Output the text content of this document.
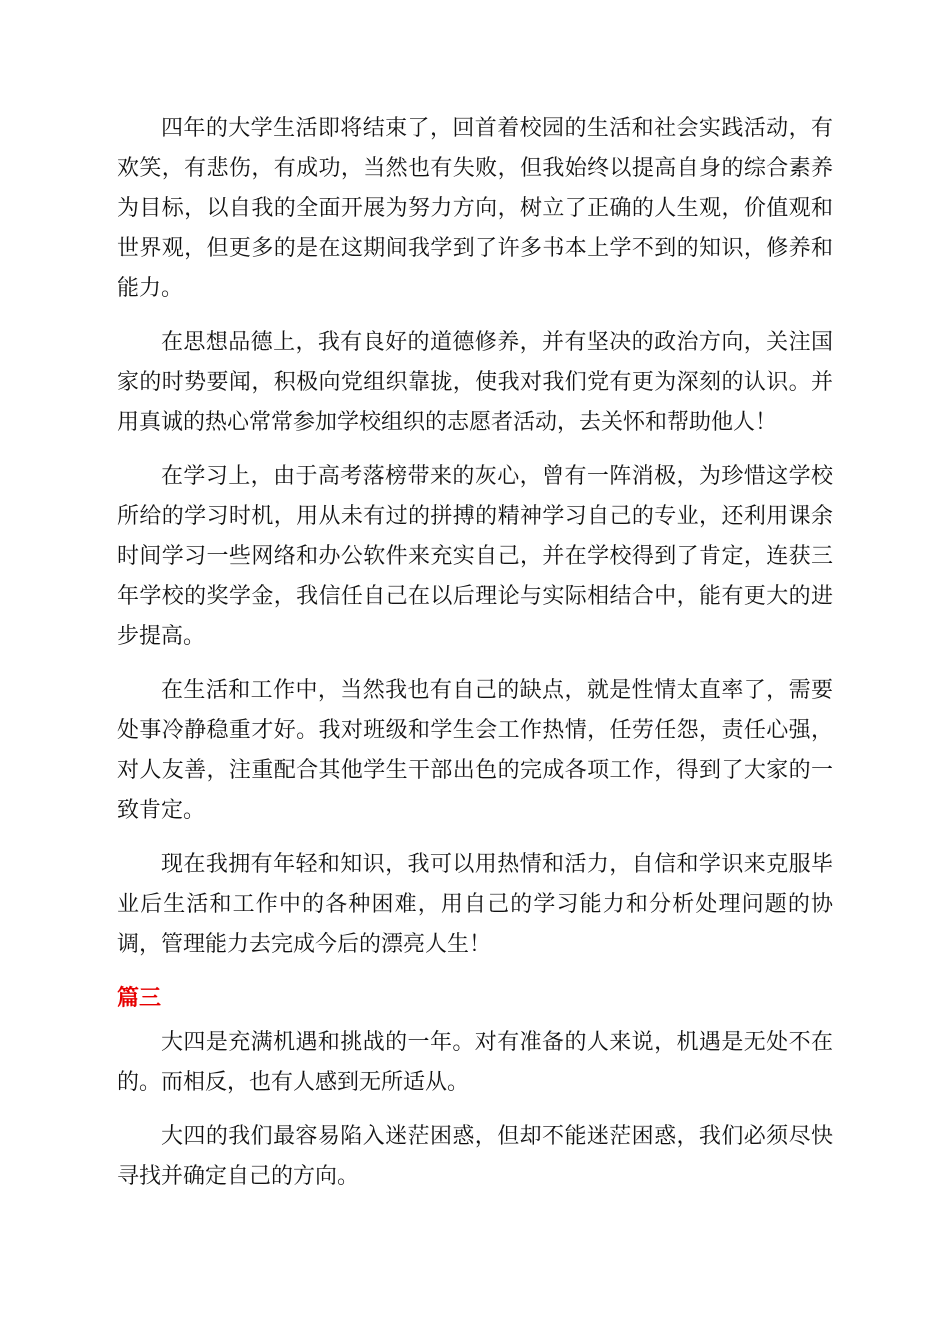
四年的大学生活即将结束了，回首着校园的生活和社会实践活动，有欢笑，有悲伤，有成功，当然也有失败，但我始终以提高自身的综合素养为目标，以自我的全面开展为努力方向，树立了正确的人生观，价值观和世界观，但更多的是在这期间我学到了许多书本上学不到的知识，修养和能力。

在思想品德上，我有良好的道德修养，并有坚决的政治方向，关注国家的时势要闻，积极向党组织靠拢，使我对我们党有更为深刻的认识。并用真诚的热心常常参加学校组织的志愿者活动，去关怀和帮助他人！

在学习上，由于高考落榜带来的灰心，曾有一阵消极，为珍惜这学校所给的学习时机，用从未有过的拼搏的精神学习自己的专业，还利用课余时间学习一些网络和办公软件来充实自己，并在学校得到了肯定，连获三年学校的奖学金，我信任自己在以后理论与实际相结合中，能有更大的进步提高。

在生活和工作中，当然我也有自己的缺点，就是性情太直率了，需要处事冷静稳重才好。我对班级和学生会工作热情，任劳任怨，责任心强，对人友善，注重配合其他学生干部出色的完成各项工作，得到了大家的一致肯定。

现在我拥有年轻和知识，我可以用热情和活力，自信和学识来克服毕业后生活和工作中的各种困难，用自己的学习能力和分析处理问题的协调，管理能力去完成今后的漂亮人生！

篇三

大四是充满机遇和挑战的一年。对有准备的人来说，机遇是无处不在的。而相反，也有人感到无所适从。

大四的我们最容易陷入迷茫困惑，但却不能迷茫困惑，我们必须尽快寻找并确定自己的方向。
